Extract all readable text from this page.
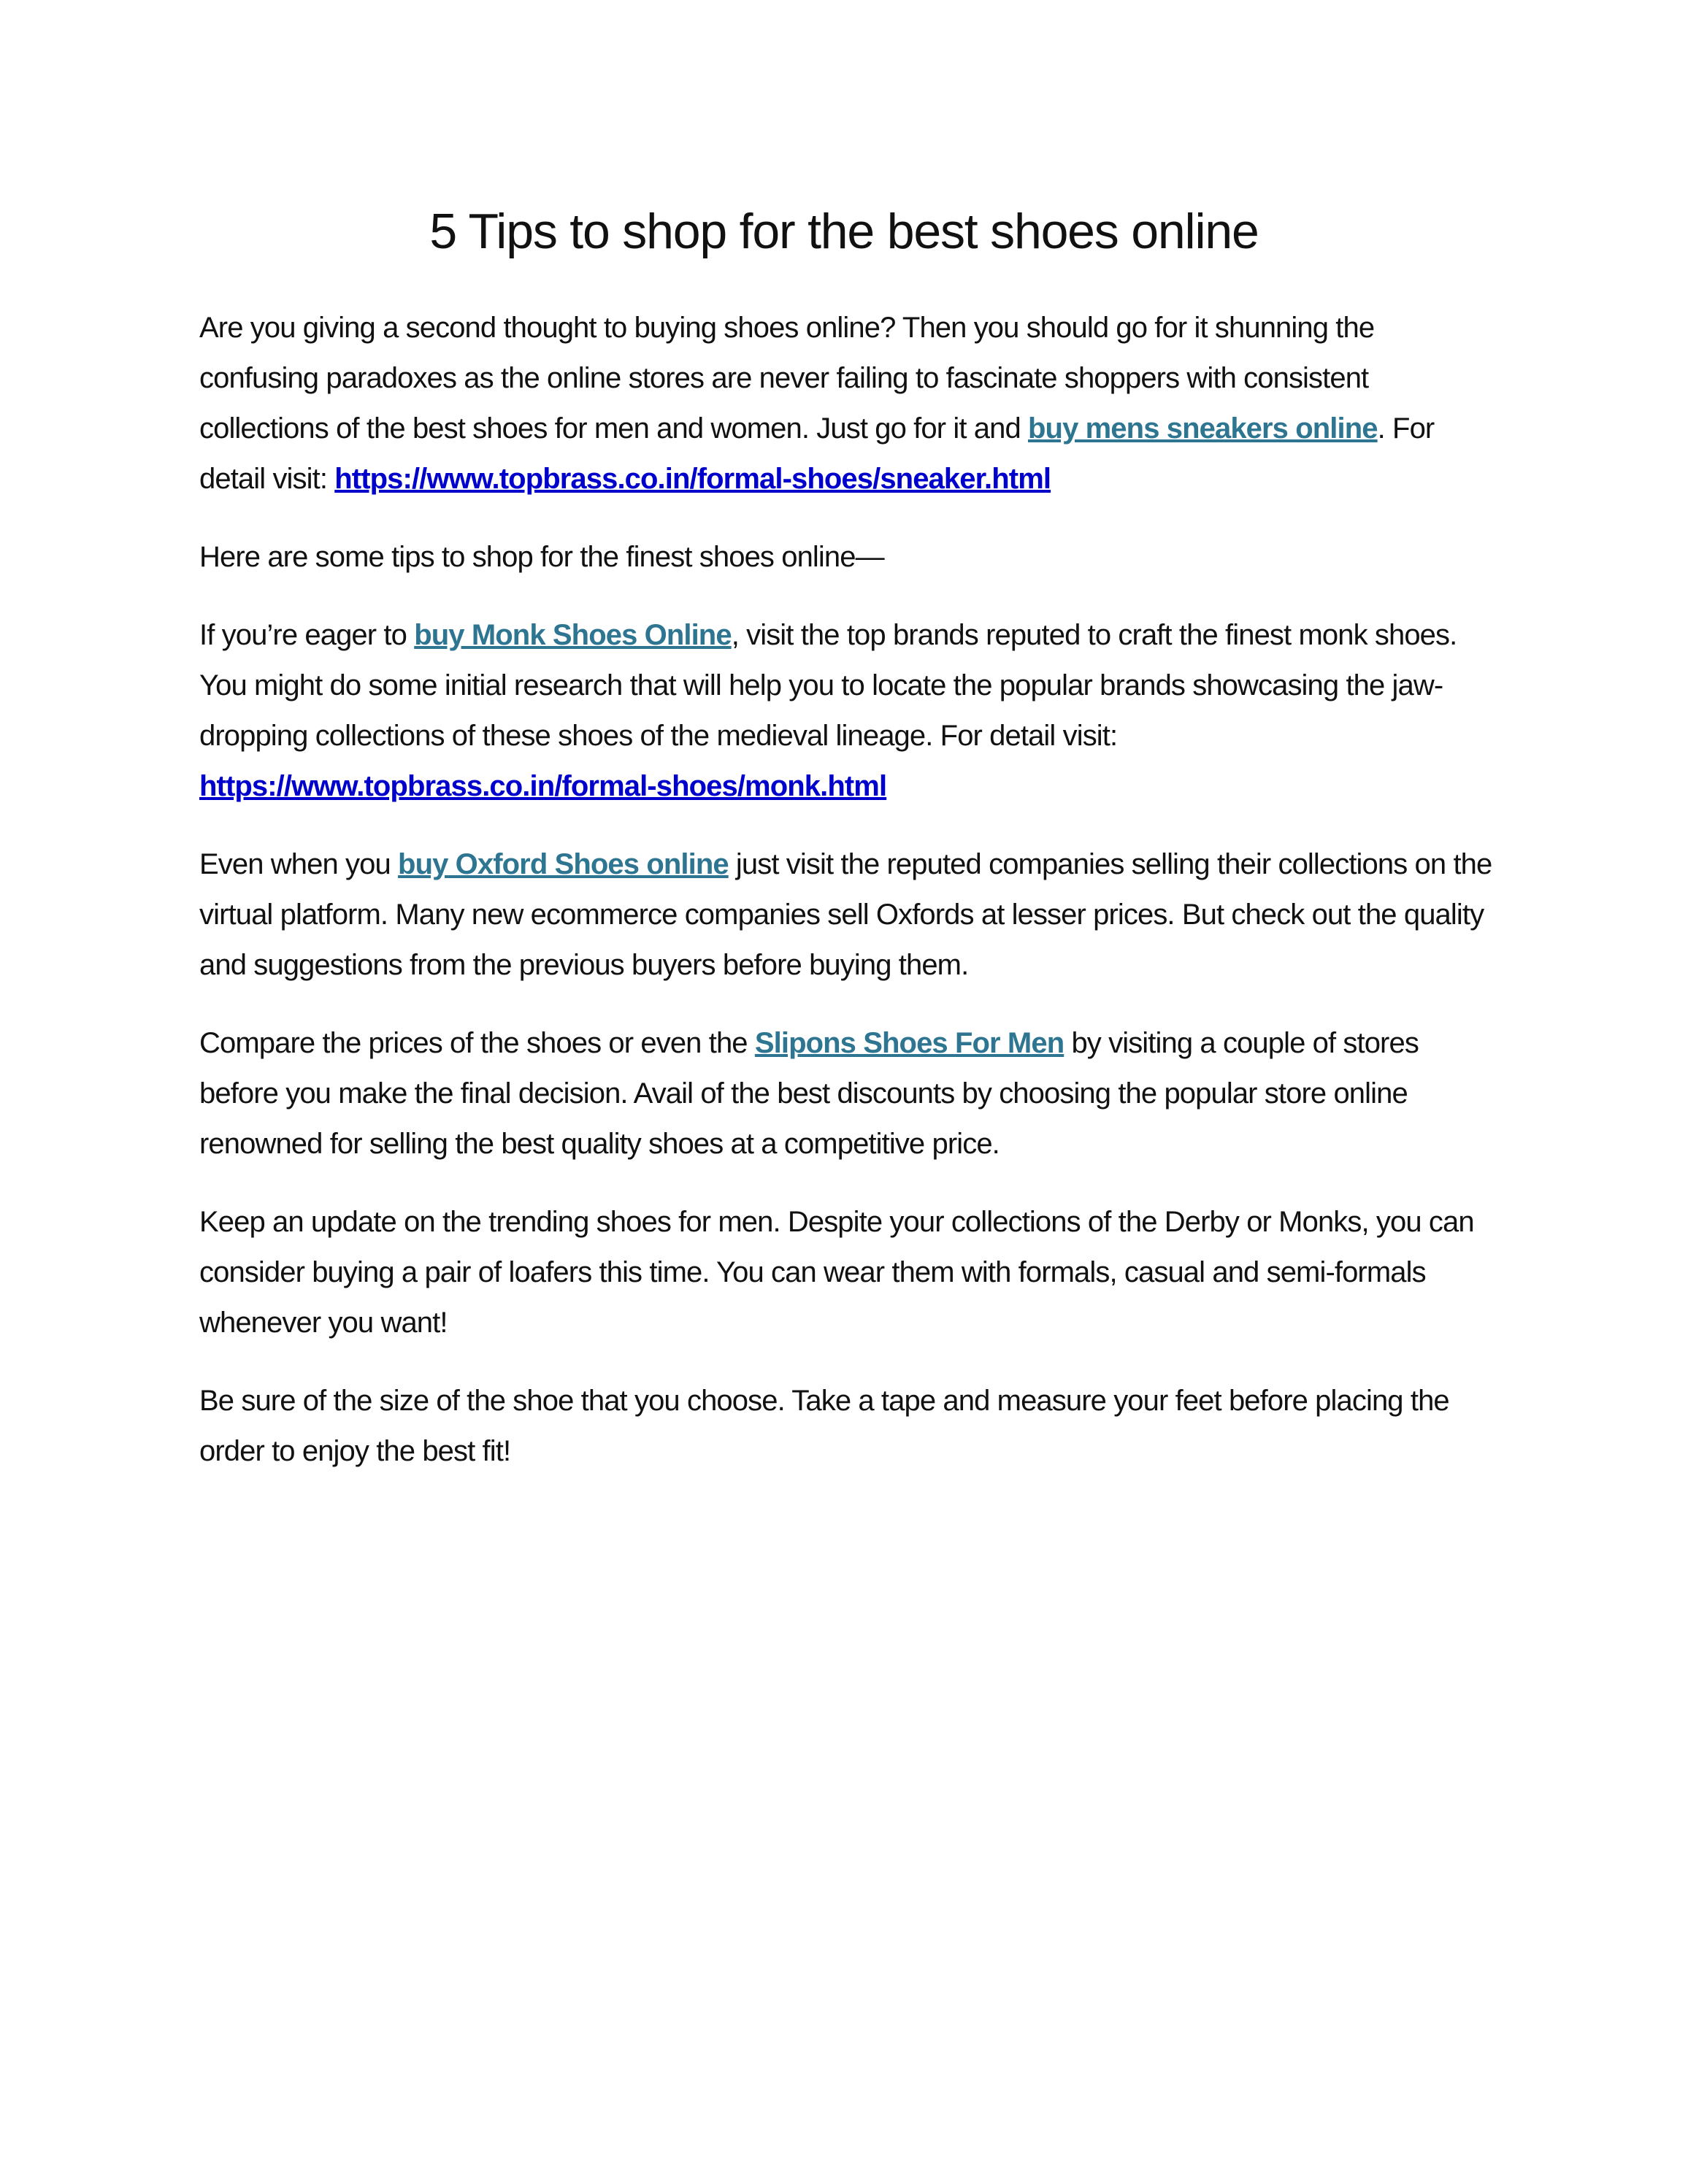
5 Tips to shop for the best shoes online

Are you giving a second thought to buying shoes online? Then you should go for it shunning the confusing paradoxes as the online stores are never failing to fascinate shoppers with consistent collections of the best shoes for men and women. Just go for it and buy mens sneakers online. For detail visit: https://www.topbrass.co.in/formal-shoes/sneaker.html

Here are some tips to shop for the finest shoes online—

If you’re eager to buy Monk Shoes Online, visit the top brands reputed to craft the finest monk shoes. You might do some initial research that will help you to locate the popular brands showcasing the jaw-dropping collections of these shoes of the medieval lineage. For detail visit: https://www.topbrass.co.in/formal-shoes/monk.html

Even when you buy Oxford Shoes online just visit the reputed companies selling their collections on the virtual platform. Many new ecommerce companies sell Oxfords at lesser prices. But check out the quality and suggestions from the previous buyers before buying them.

Compare the prices of the shoes or even the Slipons Shoes For Men by visiting a couple of stores before you make the final decision. Avail of the best discounts by choosing the popular store online renowned for selling the best quality shoes at a competitive price.

Keep an update on the trending shoes for men. Despite your collections of the Derby or Monks, you can consider buying a pair of loafers this time. You can wear them with formals, casual and semi-formals whenever you want!

Be sure of the size of the shoe that you choose. Take a tape and measure your feet before placing the order to enjoy the best fit!
